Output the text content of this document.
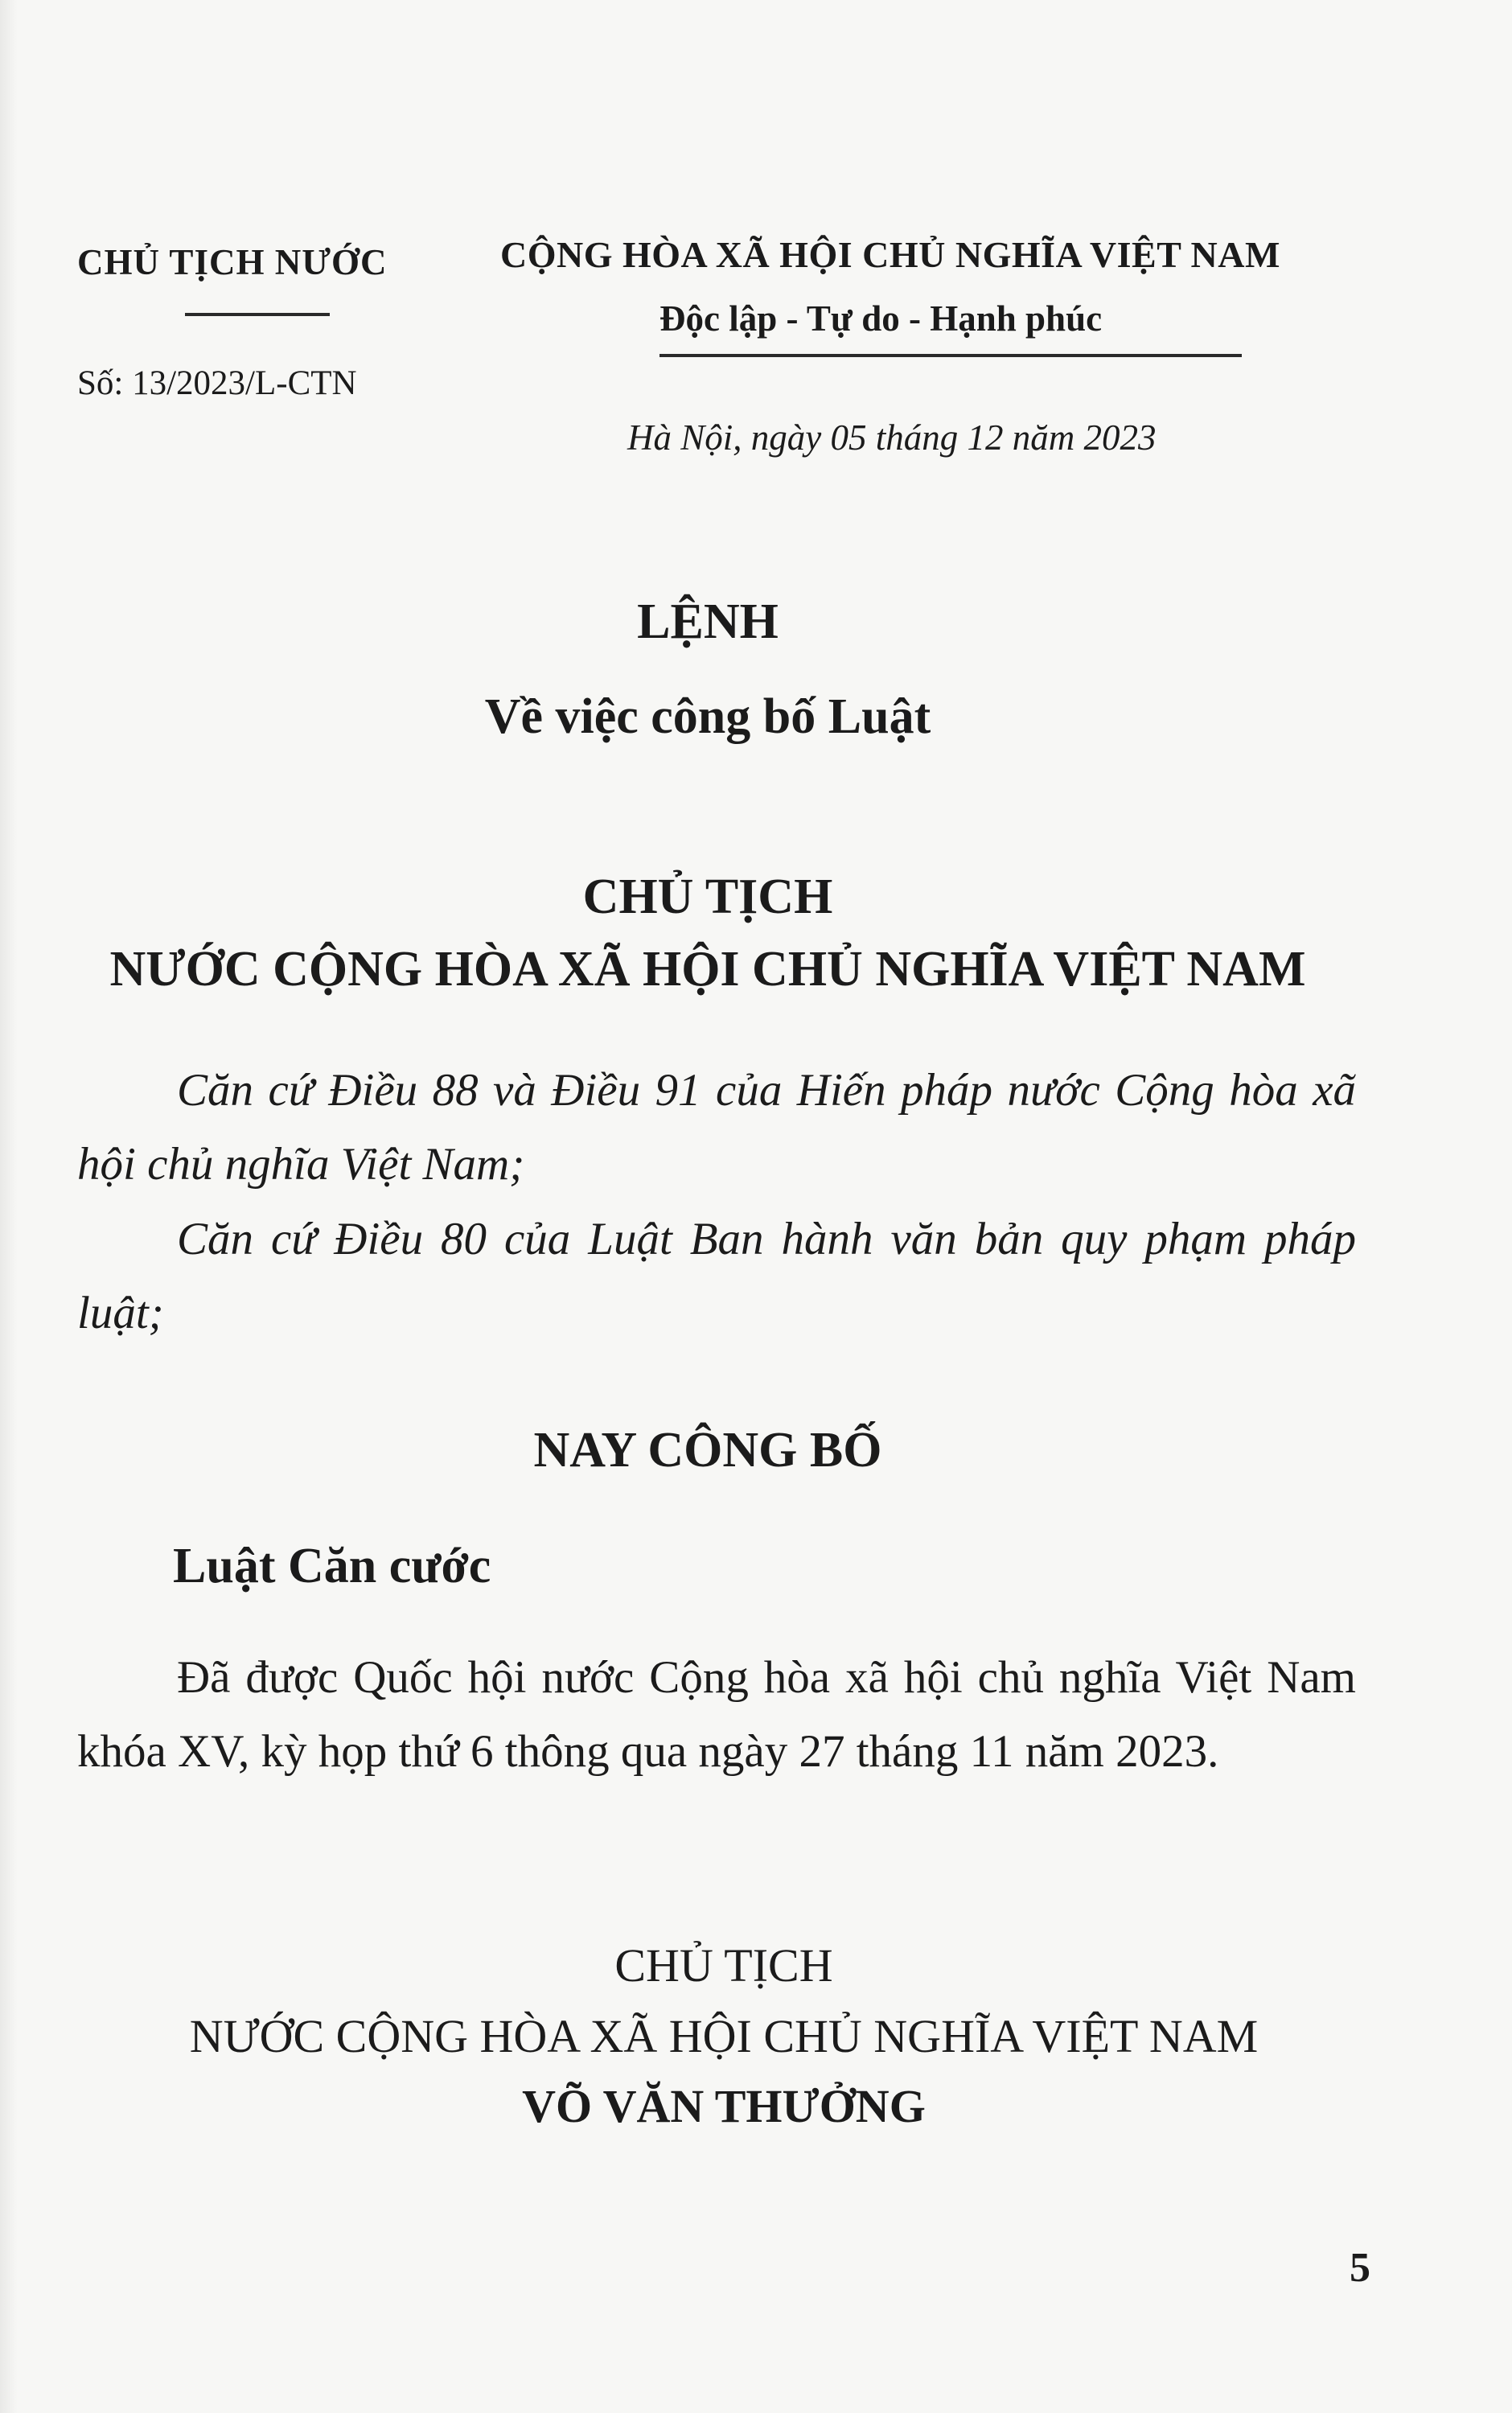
CHỦ TỊCH NƯỚC
Số: 13/2023/L-CTN
CỘNG HÒA XÃ HỘI CHỦ NGHĨA VIỆT NAM
Độc lập - Tự do - Hạnh phúc
Hà Nội, ngày 05 tháng 12 năm 2023
LỆNH
Về việc công bố Luật
CHỦ TỊCH
NƯỚC CỘNG HÒA XÃ HỘI CHỦ NGHĨA VIỆT NAM
Căn cứ Điều 88 và Điều 91 của Hiến pháp nước Cộng hòa xã hội chủ nghĩa Việt Nam;
Căn cứ Điều 80 của Luật Ban hành văn bản quy phạm pháp luật;
NAY CÔNG BỐ
Luật Căn cước
Đã được Quốc hội nước Cộng hòa xã hội chủ nghĩa Việt Nam khóa XV, kỳ họp thứ 6 thông qua ngày 27 tháng 11 năm 2023.
CHỦ TỊCH
NƯỚC CỘNG HÒA XÃ HỘI CHỦ NGHĨA VIỆT NAM
VÕ VĂN THƯỞNG
5
